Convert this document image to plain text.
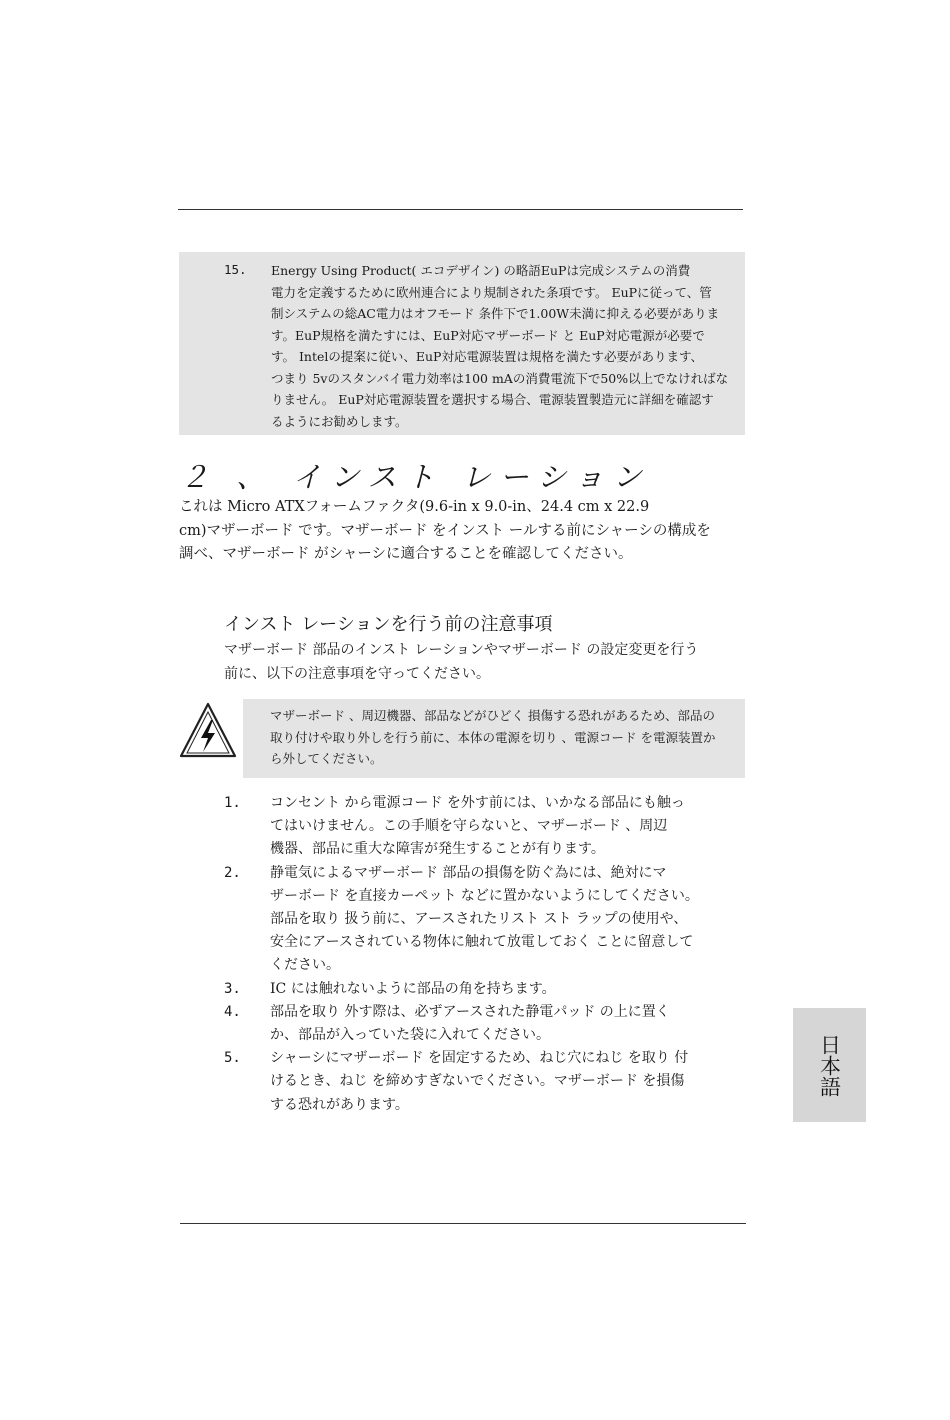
15. Energy Using Product( エコデザイン) の略語EuPは完成システムの消費
電力を定義するために欧州連合により規制された条項です。 EuPに従って、管
制システムの総AC電力はオフモード 条件下で1.00W未満に抑える必要がありま
す。EuP規格を満たすには、EuP対応マザーボード と EuP対応電源が必要で
す。 Intelの提案に従い、EuP対応電源装置は規格を満たす必要があります、
つまり 5vのスタンバイ電力効率は100 mAの消費電流下で50%以上でなければな
りません。 EuP対応電源装置を選択する場合、電源装置製造元に詳細を確認す
るようにお勧めします。
２ 、 インスト レーション
これは Micro ATXフォームファクタ(9.6-in x 9.0-in、24.4 cm x 22.9
cm)マザーボード です。マザーボード をインスト ールする前にシャーシの構成を
調べ、マザーボード がシャーシに適合することを確認してください。
インスト レーションを行う前の注意事項
マザーボード 部品のインスト レーションやマザーボード の設定変更を行う
前に、以下の注意事項を守ってください。
マザーボード 、周辺機器、部品などがひどく 損傷する恐れがあるため、部品の
取り付けや取り外しを行う前に、本体の電源を切り 、電源コード を電源装置か
ら外してください。
1. コンセント から電源コード を外す前には、いかなる部品にも触っ
てはいけません。この手順を守らないと、マザーボード 、周辺
機器、部品に重大な障害が発生することが有ります。
2. 静電気によるマザーボード 部品の損傷を防ぐ為には、絶対にマ
ザーボード を直接カーペット などに置かないようにしてください。
部品を取り 扱う前に、アースされたリスト スト ラップの使用や、
安全にアースされている物体に触れて放電しておく ことに留意して
ください。
3. IC には触れないように部品の角を持ちます。
4. 部品を取り 外す際は、必ずアースされた静電パッド の上に置く
か、部品が入っていた袋に入れてください。
5. シャーシにマザーボード を固定するため、ねじ穴にねじ を取り 付
けるとき、ねじ を締めすぎないでください。マザーボード を損傷
する恐れがあります。
日本語
